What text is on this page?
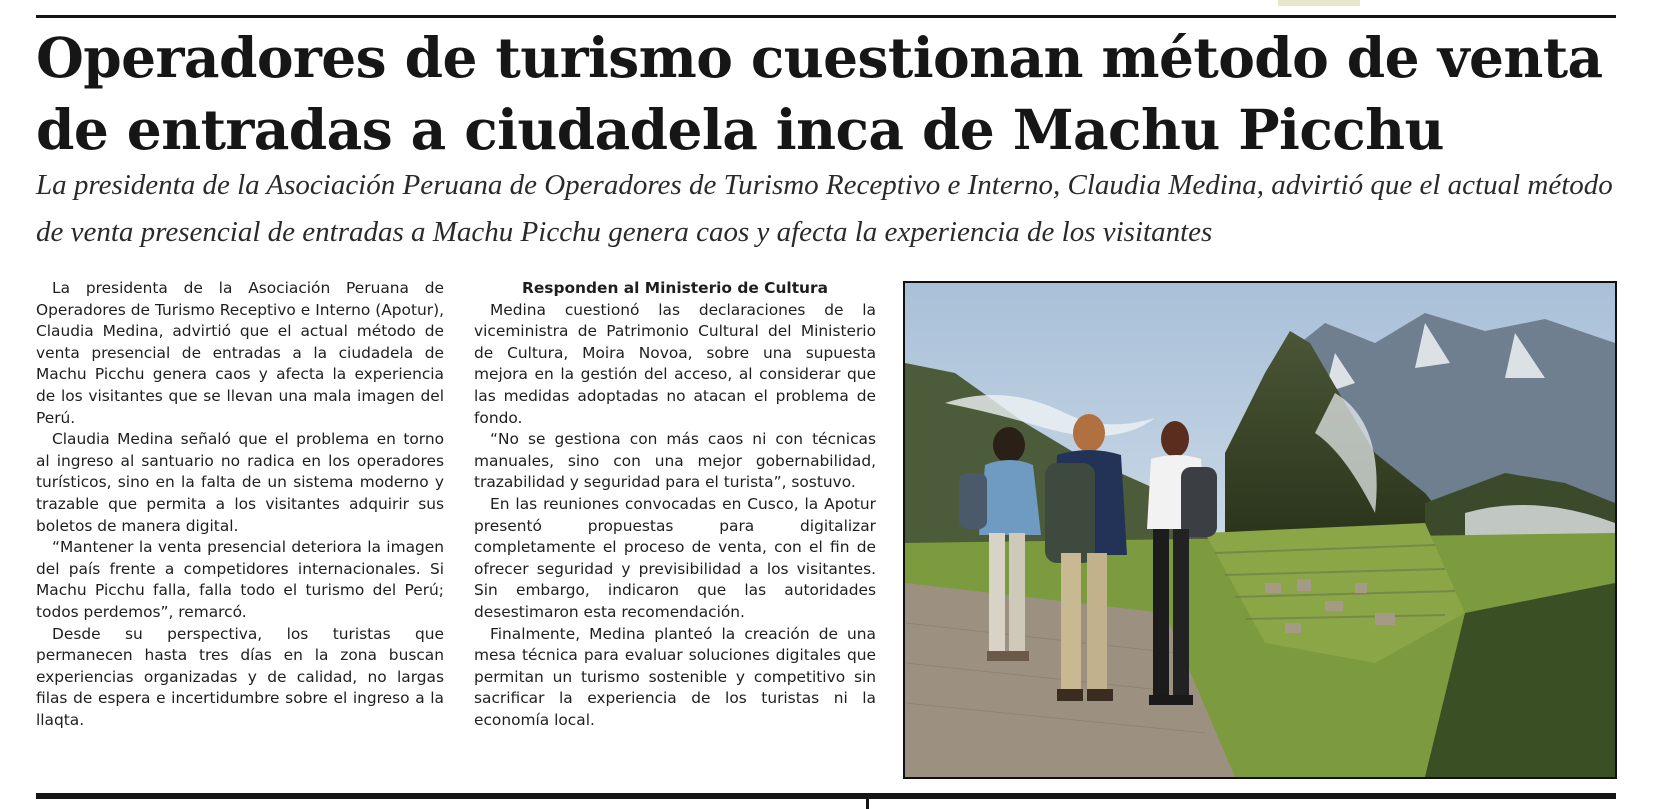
Operadores de turismo cuestionan método de venta de entradas a ciudadela inca de Machu Picchu

La presidenta de la Asociación Peruana de Operadores de Turismo Receptivo e Interno, Claudia Medina, advirtió que el actual método de venta presencial de entradas a Machu Picchu genera caos y afecta la experiencia de los visitantes

La presidenta de la Asociación Peruana de Operadores de Turismo Receptivo e Interno (Apotur), Claudia Medina, advirtió que el actual método de venta presencial de entradas a la ciudadela de Machu Picchu genera caos y afecta la experiencia de los visitantes que se llevan una mala imagen del Perú.

Claudia Medina señaló que el problema en torno al ingreso al santuario no radica en los operadores turísticos, sino en la falta de un sistema moderno y trazable que permita a los visitantes adquirir sus boletos de manera digital.

“Mantener la venta presencial deteriora la imagen del país frente a competidores internacionales. Si Machu Picchu falla, falla todo el turismo del Perú; todos perdemos”, remarcó.

Desde su perspectiva, los turistas que permanecen hasta tres días en la zona buscan experiencias organizadas y de calidad, no largas filas de espera e incertidumbre sobre el ingreso a la llaqta.

Responden al Ministerio de Cultura

Medina cuestionó las declaraciones de la viceministra de Patrimonio Cultural del Ministerio de Cultura, Moira Novoa, sobre una supuesta mejora en la gestión del acceso, al considerar que las medidas adoptadas no atacan el problema de fondo.

“No se gestiona con más caos ni con técnicas manuales, sino con una mejor gobernabilidad, trazabilidad y seguridad para el turista”, sostuvo.

En las reuniones convocadas en Cusco, la Apotur presentó propuestas para digitalizar completamente el proceso de venta, con el fin de ofrecer seguridad y previsibilidad a los visitantes. Sin embargo, indicaron que las autoridades desestimaron esta recomendación.

Finalmente, Medina planteó la creación de una mesa técnica para evaluar soluciones digitales que permitan un turismo sostenible y competitivo sin sacrificar la experiencia de los turistas ni la economía local.
